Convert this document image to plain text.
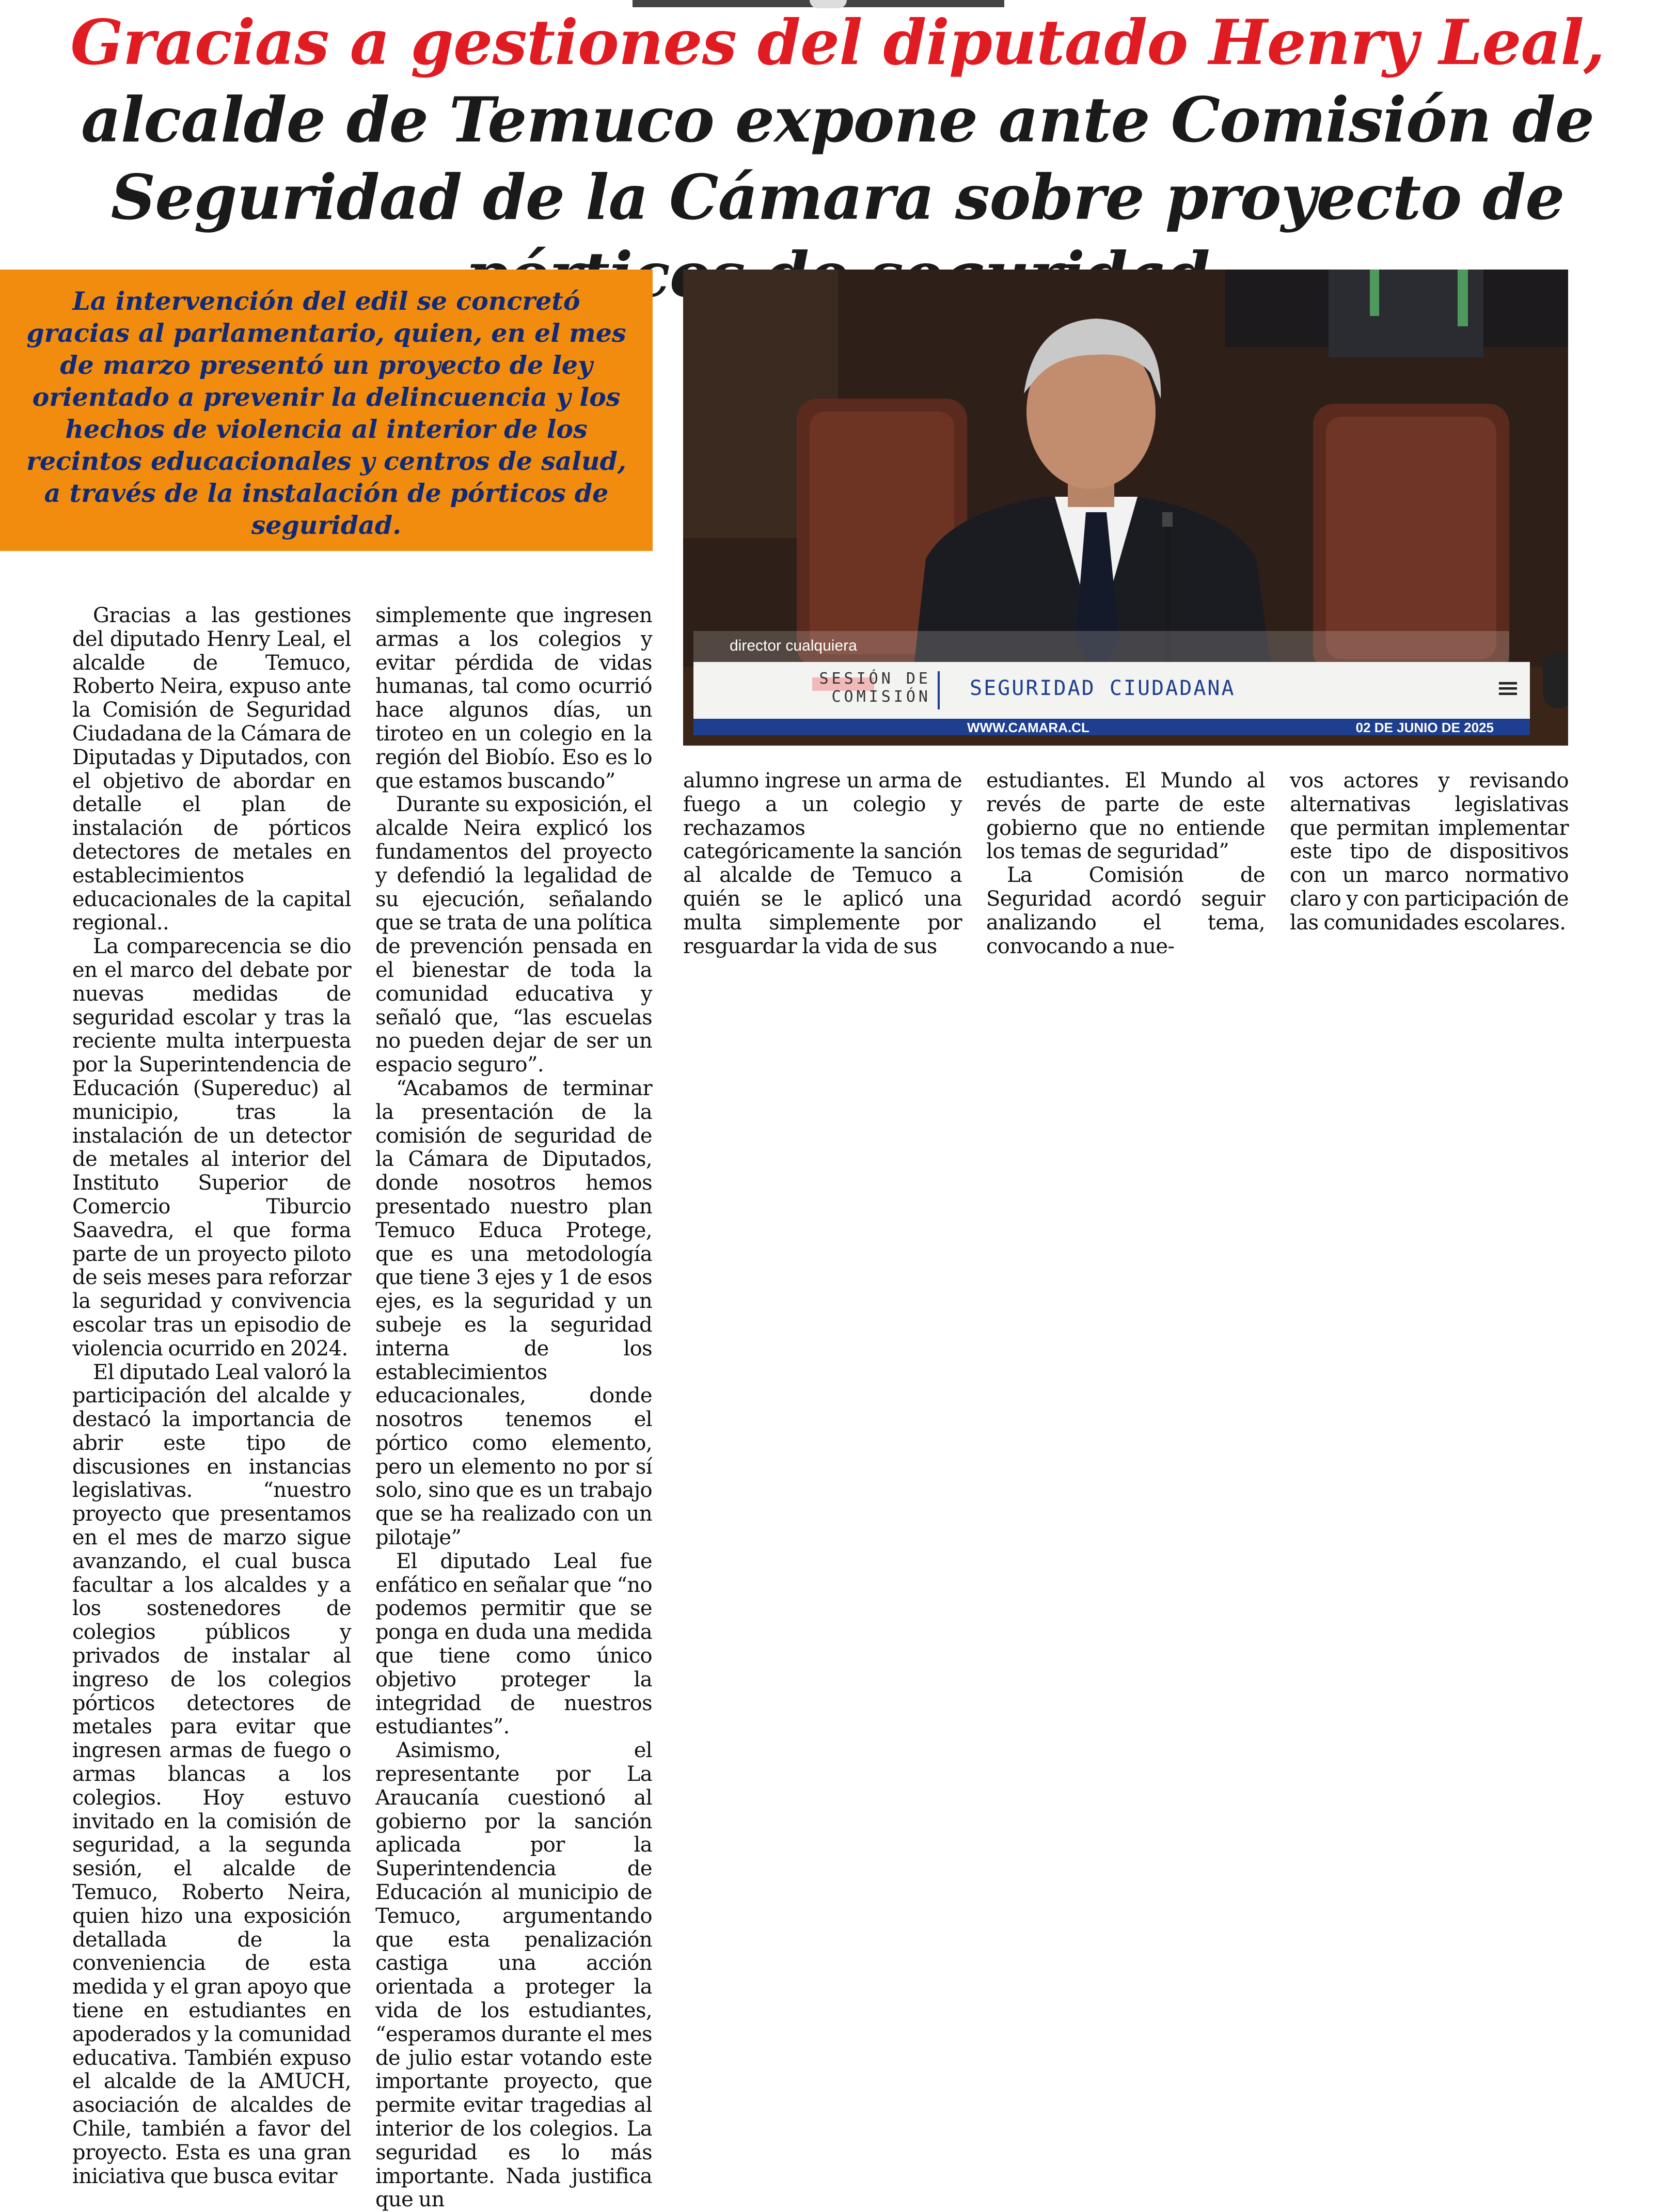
Gracias a gestiones del diputado Henry Leal, alcalde de Temuco expone ante Comisión de Seguridad de la Cámara sobre proyecto de

La intervención del edil se concretó gracias al parlamentario, quien, en el mes de marzo presentó un proyecto de ley orientado a prevenir la delincuencia y los hechos de violencia al interior de los recintos educacionales y centros de salud, a través de la instalación de pórticos de seguridad.

director cualquiera
SESIÓN DE
COMISIÓN SEGURIDAD CIUDADANA	≡
WWW.CAMARA.CL	02 DE JUNIO DE 2025

Gracias a las gestiones del diputado Henry Leal, el alcalde de Temuco, Roberto Neira, expuso ante la Comisión de Seguridad Ciudadana de la Cámara de Diputadas y Diputados, con el objetivo de abordar en detalle el plan de instalación de pórticos detectores de metales en establecimientos educacionales de la capital regional..

La comparecencia se dio en el marco del debate por nuevas medidas de seguridad escolar y tras la reciente multa interpuesta por la Superintendencia de Educación (Supereduc) al municipio, tras la instalación de un detector de metales al interior del Instituto Superior de Comercio Tiburcio Saavedra, el que forma parte de un proyecto piloto de seis meses para reforzar la seguridad y convivencia escolar tras un episodio de violencia ocurrido en 2024.

El diputado Leal valoró la participación del alcalde y destacó la importancia de abrir este tipo de discusiones en instancias legislativas. “nuestro proyecto que presentamos en el mes de marzo sigue avanzando, el cual busca facultar a los alcaldes y a los sostenedores de colegios públicos y privados de instalar al ingreso de los colegios pórticos detectores de metales para evitar que ingresen armas de fuego o armas blancas a los colegios. Hoy estuvo invitado en la comisión de seguridad, a la segunda sesión, el alcalde de Temuco, Roberto Neira, quien hizo una exposición detallada de la conveniencia de esta medida y el gran apoyo que tiene en estudiantes en apoderados y la comunidad educativa. También expuso el alcalde de la AMUCH, asociación de alcaldes de Chile, también a favor del proyecto. Esta es una gran iniciativa que busca evitar

simplemente que ingresen armas a los colegios y evitar pérdida de vidas humanas, tal como ocurrió hace algunos días, un tiroteo en un colegio en la región del Biobío. Eso es lo que estamos buscando”

Durante su exposición, el alcalde Neira explicó los fundamentos del proyecto y defendió la legalidad de su ejecución, señalando que se trata de una política de prevención pensada en el bienestar de toda la comunidad educativa y señaló que, “las escuelas no pueden dejar de ser un espacio seguro”.

“Acabamos de terminar la presentación de la comisión de seguridad de la Cámara de Diputados, donde nosotros hemos presentado nuestro plan Temuco Educa Protege, que es una metodología que tiene 3 ejes y 1 de esos ejes, es la seguridad y un subeje es la seguridad interna de los establecimientos educacionales, donde nosotros tenemos el pórtico como elemento, pero un elemento no por sí solo, sino que es un trabajo que se ha realizado con un pilotaje”

El diputado Leal fue enfático en señalar que “no podemos permitir que se ponga en duda una medida que tiene como único objetivo proteger la integridad de nuestros estudiantes”.

Asimismo, el representante por La Araucanía cuestionó al gobierno por la sanción aplicada por la Superintendencia de Educación al municipio de Temuco, argumentando que esta penalización castiga una acción orientada a proteger la vida de los estudiantes, “esperamos durante el mes de julio estar votando este importante proyecto, que permite evitar tragedias al interior de los colegios. La seguridad es lo más importante. Nada justifica que un

alumno ingrese un arma de fuego a un colegio y rechazamos categóricamente la sanción al alcalde de Temuco a quién se le aplicó una multa simplemente por resguardar la vida de sus

estudiantes. El Mundo al revés de parte de este gobierno que no entiende los temas de seguridad”

La Comisión de Seguridad acordó seguir analizando el tema, convocando a nue-

vos actores y revisando alternativas legislativas que permitan implementar este tipo de dispositivos con un marco normativo claro y con participación de las comunidades escolares.
